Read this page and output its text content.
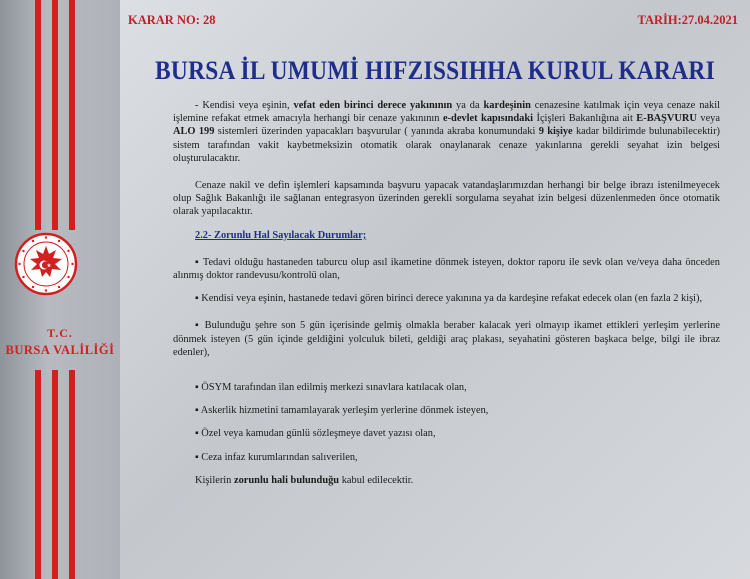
T.C.
BURSA VALİLİĞİ
KARAR NO: 28	TARİH:27.04.2021
BURSA İL UMUMİ HIFZISSIHHA KURUL KARARI

- Kendisi veya eşinin, vefat eden birinci derece yakınının ya da kardeşinin cenazesine katılmak için veya cenaze nakil işlemine refakat etmek amacıyla herhangi bir cenaze yakınının e-devlet kapısındaki İçişleri Bakanlığına ait E-BAŞVURU veya ALO 199 sistemleri üzerinden yapacakları başvurular ( yanında akraba konumundaki 9 kişiye kadar bildirimde bulunabilecektir) sistem tarafından vakit kaybetmeksizin otomatik olarak onaylanarak cenaze yakınlarına gerekli seyahat izin belgesi oluşturulacaktır.

Cenaze nakil ve defin işlemleri kapsamında başvuru yapacak vatandaşlarımızdan herhangi bir belge ibrazı istenilmeyecek olup Sağlık Bakanlığı ile sağlanan entegrasyon üzerinden gerekli sorgulama seyahat izin belgesi düzenlenmeden önce otomatik olarak yapılacaktır.

2.2- Zorunlu Hal Sayılacak Durumlar;

▪ Tedavi olduğu hastaneden taburcu olup asıl ikametine dönmek isteyen, doktor raporu ile sevk olan ve/veya daha önceden alınmış doktor randevusu/kontrolü olan,

▪ Kendisi veya eşinin, hastanede tedavi gören birinci derece yakınına ya da kardeşine refakat edecek olan (en fazla 2 kişi),

▪ Bulunduğu şehre son 5 gün içerisinde gelmiş olmakla beraber kalacak yeri olmayıp ikamet ettikleri yerleşim yerlerine dönmek isteyen (5 gün içinde geldiğini yolculuk bileti, geldiği araç plakası, seyahatini gösteren başkaca belge, bilgi ile ibraz edenler),

▪ ÖSYM tarafından ilan edilmiş merkezi sınavlara katılacak olan,

▪ Askerlik hizmetini tamamlayarak yerleşim yerlerine dönmek isteyen,

▪ Özel veya kamudan günlü sözleşmeye davet yazısı olan,

▪ Ceza infaz kurumlarından salıverilen,

Kişilerin zorunlu hali bulunduğu kabul edilecektir.
